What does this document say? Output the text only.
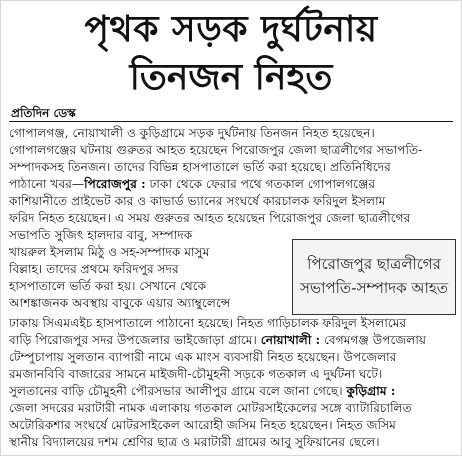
পৃথক সড়ক দুর্ঘটনায়
তিনজন নিহত
প্রতিদিন ডেস্ক
গোপালগঞ্জ, নোয়াখালী ও কুড়িগ্রামে সড়ক দুর্ঘটনায় তিনজন নিহত হয়েছেন।
গোপালগঞ্জের ঘটনায় গুরুতর আহত হয়েছেন পিরোজপুর জেলা ছাত্রলীগের সভাপতি-
সম্পাদকসহ তিনজন। তাদের বিভিন্ন হাসপাতালে ভর্তি করা হয়েছে। প্রতিনিধিদের
পাঠানো খবর—পিরোজপুর : ঢাকা থেকে ফেরার পথে গতকাল গোপালগঞ্জের
কাশিয়ানীতে প্রাইভেট কার ও কাভার্ড ভ্যানের সংঘর্ষে কারচালক ফরিদুল ইসলাম
ফরিদ নিহত হয়েছেন। এ সময় গুরুতর আহত হয়েছেন পিরোজপুর জেলা ছাত্রলীগের
সভাপতি সুজিৎ হালদার বাবু, সম্পাদক
খায়রুল ইসলাম মিঠু ও সহ-সম্পাদক মাসুম
বিল্লাহ। তাদের প্রথমে ফরিদপুর সদর
হাসপাতালে ভর্তি করা হয়। সেখানে থেকে
আশঙ্কাজনক অবস্থায় বাবুকে এয়ার অ্যাম্বুলেন্সে
ঢাকায় সিএমএইচ হাসপাতালে পাঠানো হয়েছে। নিহত গাড়িচালক ফরিদুল ইসলামের
বাড়ি পিরোজপুর সদর উপজেলার ভাইজোড়া গ্রামে। নোয়াখালী : বেগমগঞ্জ উপজেলায়
টেম্পুচাপায় সুলতান ব্যাপারী নামে এক মাংস ব্যবসায়ী নিহত হয়েছেন। উপজেলার
রমজানবিবি বাজারের সামনে মাইজদী-চৌমুহনী সড়কে গতকাল এ দুর্ঘটনা ঘটে।
সুলতানের বাড়ি চৌমুহনী পৌরসভার আলীপুর গ্রামে বলে জানা গেছে। কুড়িগ্রাম :
জেলা সদরের মরাটারী নামক এলাকায় গতকাল মোটরসাইকেলের সঙ্গে ব্যাটারিচালিত
অটোরিকশার সংঘর্ষে মোটরসাইকেল আরোহী জসিম নিহত হয়েছেন। নিহত জসিম
স্থানীয় বিদ্যালয়ের দশম শ্রেণির ছাত্র ও মরাটারী গ্রামের আবু সুফিয়ানের ছেলে।
পিরোজপুর ছাত্রলীগের
সভাপতি-সম্পাদক আহত
